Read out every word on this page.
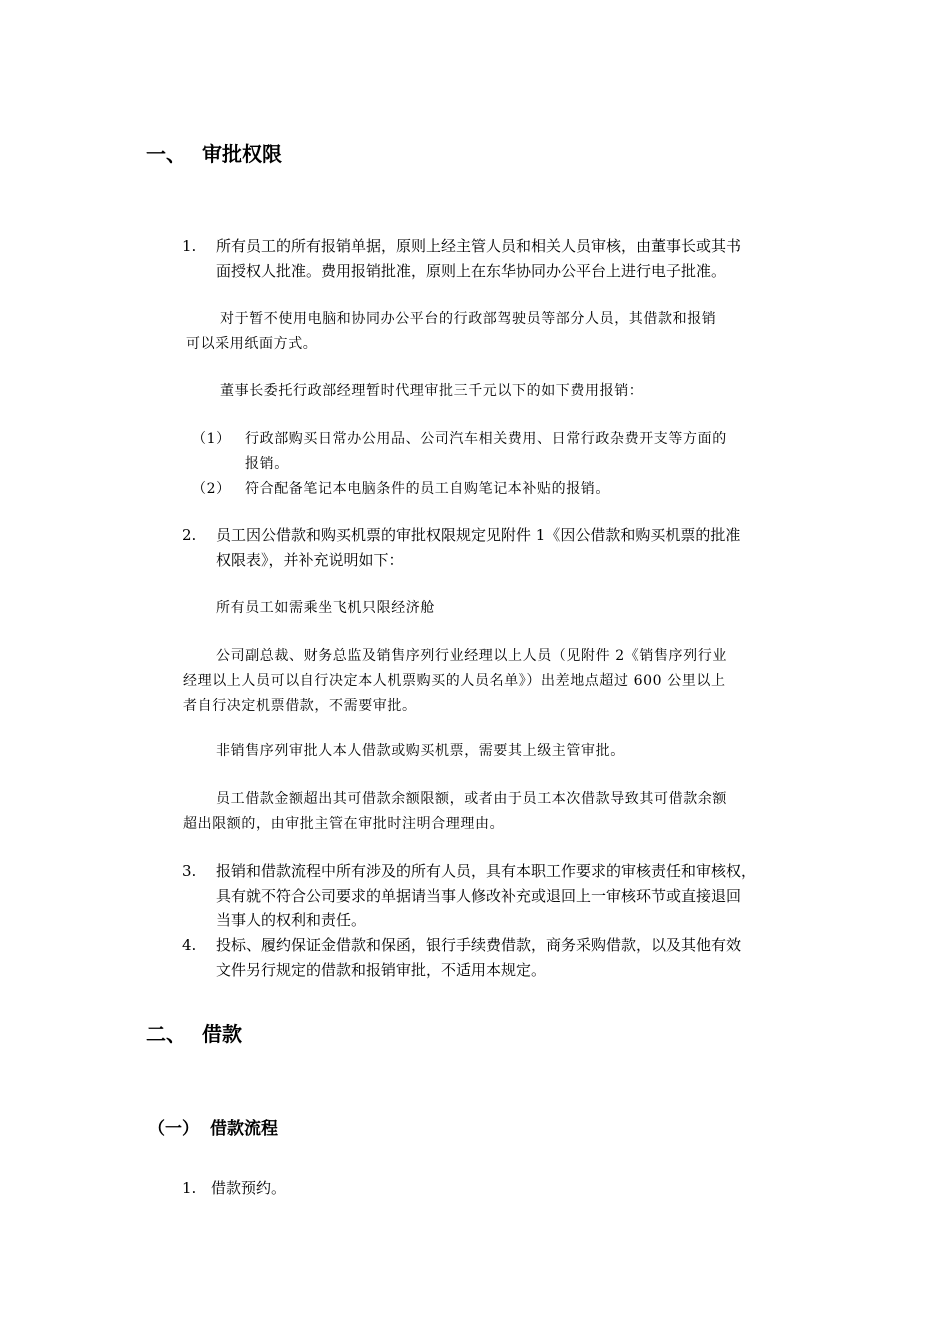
一、 审批权限
1. 所有员工的所有报销单据，原则上经主管人员和相关人员审核，由董事长或其书
面授权人批准。费用报销批准，原则上在东华协同办公平台上进行电子批准。
对于暂不使用电脑和协同办公平台的行政部驾驶员等部分人员，其借款和报销
可以采用纸面方式。
董事长委托行政部经理暂时代理审批三千元以下的如下费用报销：
（1） 行政部购买日常办公用品、公司汽车相关费用、日常行政杂费开支等方面的
报销。
（2） 符合配备笔记本电脑条件的员工自购笔记本补贴的报销。
2. 员工因公借款和购买机票的审批权限规定见附件 1《因公借款和购买机票的批准
权限表》，并补充说明如下：
所有员工如需乘坐飞机只限经济舱
公司副总裁、财务总监及销售序列行业经理以上人员（见附件 2《销售序列行业
经理以上人员可以自行决定本人机票购买的人员名单》）出差地点超过 600 公里以上
者自行决定机票借款，不需要审批。
非销售序列审批人本人借款或购买机票，需要其上级主管审批。
员工借款金额超出其可借款余额限额，或者由于员工本次借款导致其可借款余额
超出限额的，由审批主管在审批时注明合理理由。
3. 报销和借款流程中所有涉及的所有人员，具有本职工作要求的审核责任和审核权，
具有就不符合公司要求的单据请当事人修改补充或退回上一审核环节或直接退回
当事人的权利和责任。
4. 投标、履约保证金借款和保函，银行手续费借款，商务采购借款，以及其他有效
文件另行规定的借款和报销审批，不适用本规定。
二、 借款
（一） 借款流程
1. 借款预约。
